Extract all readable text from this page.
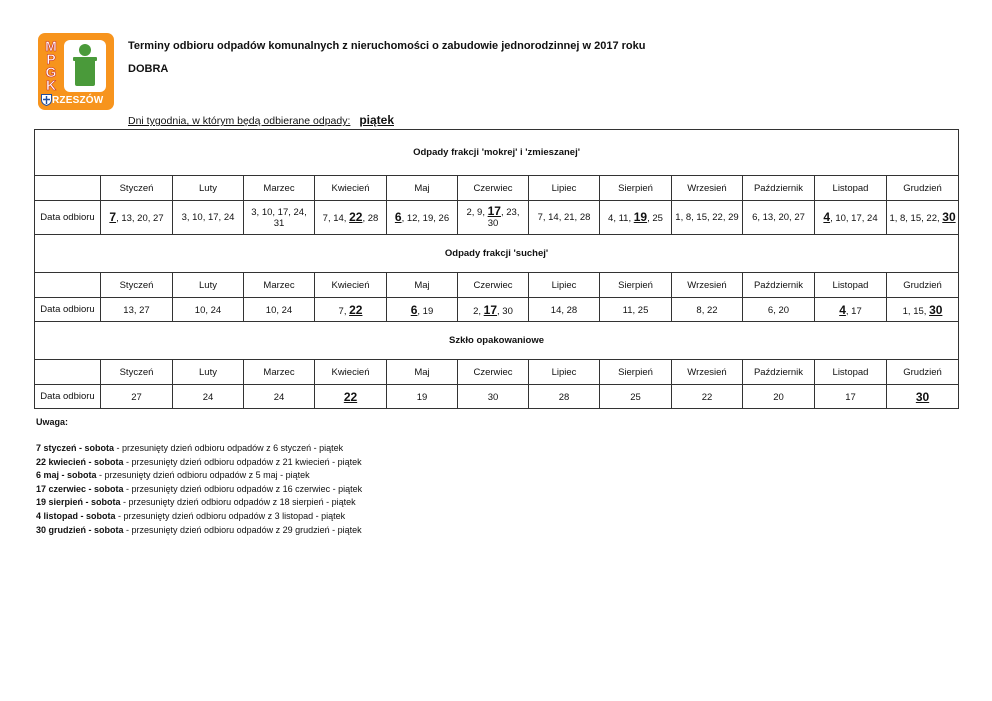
M
P
G
K
RZESZÓW
Terminy odbioru odpadów komunalnych z nieruchomości o zabudowie jednorodzinnej w 2017 roku
DOBRA
Dni tygodnia, w którym będą odbierane odpady: piątek
Odpady frakcji 'mokrej' i 'zmieszanej'												
	Styczeń	Luty	Marzec	Kwiecień	Maj	Czerwiec	Lipiec	Sierpień	Wrzesień	Październik	Listopad	Grudzień
Data odbioru	7, 13, 20, 27	3, 10, 17, 24	3, 10, 17, 24, 31	7, 14, 22, 28	6, 12, 19, 26	2, 9, 17, 23, 30	7, 14, 21, 28	4, 11, 19, 25	1, 8, 15, 22, 29	6, 13, 20, 27	4, 10, 17, 24	1, 8, 15, 22, 30
Odpady frakcji 'suchej'												
	Styczeń	Luty	Marzec	Kwiecień	Maj	Czerwiec	Lipiec	Sierpień	Wrzesień	Październik	Listopad	Grudzień
Data odbioru	13, 27	10, 24	10, 24	7, 22	6, 19	2, 17, 30	14, 28	11, 25	8, 22	6, 20	4, 17	1, 15, 30
Szkło opakowaniowe												
	Styczeń	Luty	Marzec	Kwiecień	Maj	Czerwiec	Lipiec	Sierpień	Wrzesień	Październik	Listopad	Grudzień
Data odbioru	27	24	24	22	19	30	28	25	22	20	17	30
Uwaga:
7 styczeń - sobota - przesunięty dzień odbioru odpadów z 6 styczeń - piątek
22 kwiecień - sobota - przesunięty dzień odbioru odpadów z 21 kwiecień - piątek
6 maj - sobota - przesunięty dzień odbioru odpadów z 5 maj - piątek
17 czerwiec - sobota - przesunięty dzień odbioru odpadów z 16 czerwiec - piątek
19 sierpień - sobota - przesunięty dzień odbioru odpadów z 18 sierpień - piątek
4 listopad - sobota - przesunięty dzień odbioru odpadów z 3 listopad - piątek
30 grudzień - sobota - przesunięty dzień odbioru odpadów z 29 grudzień - piątek
